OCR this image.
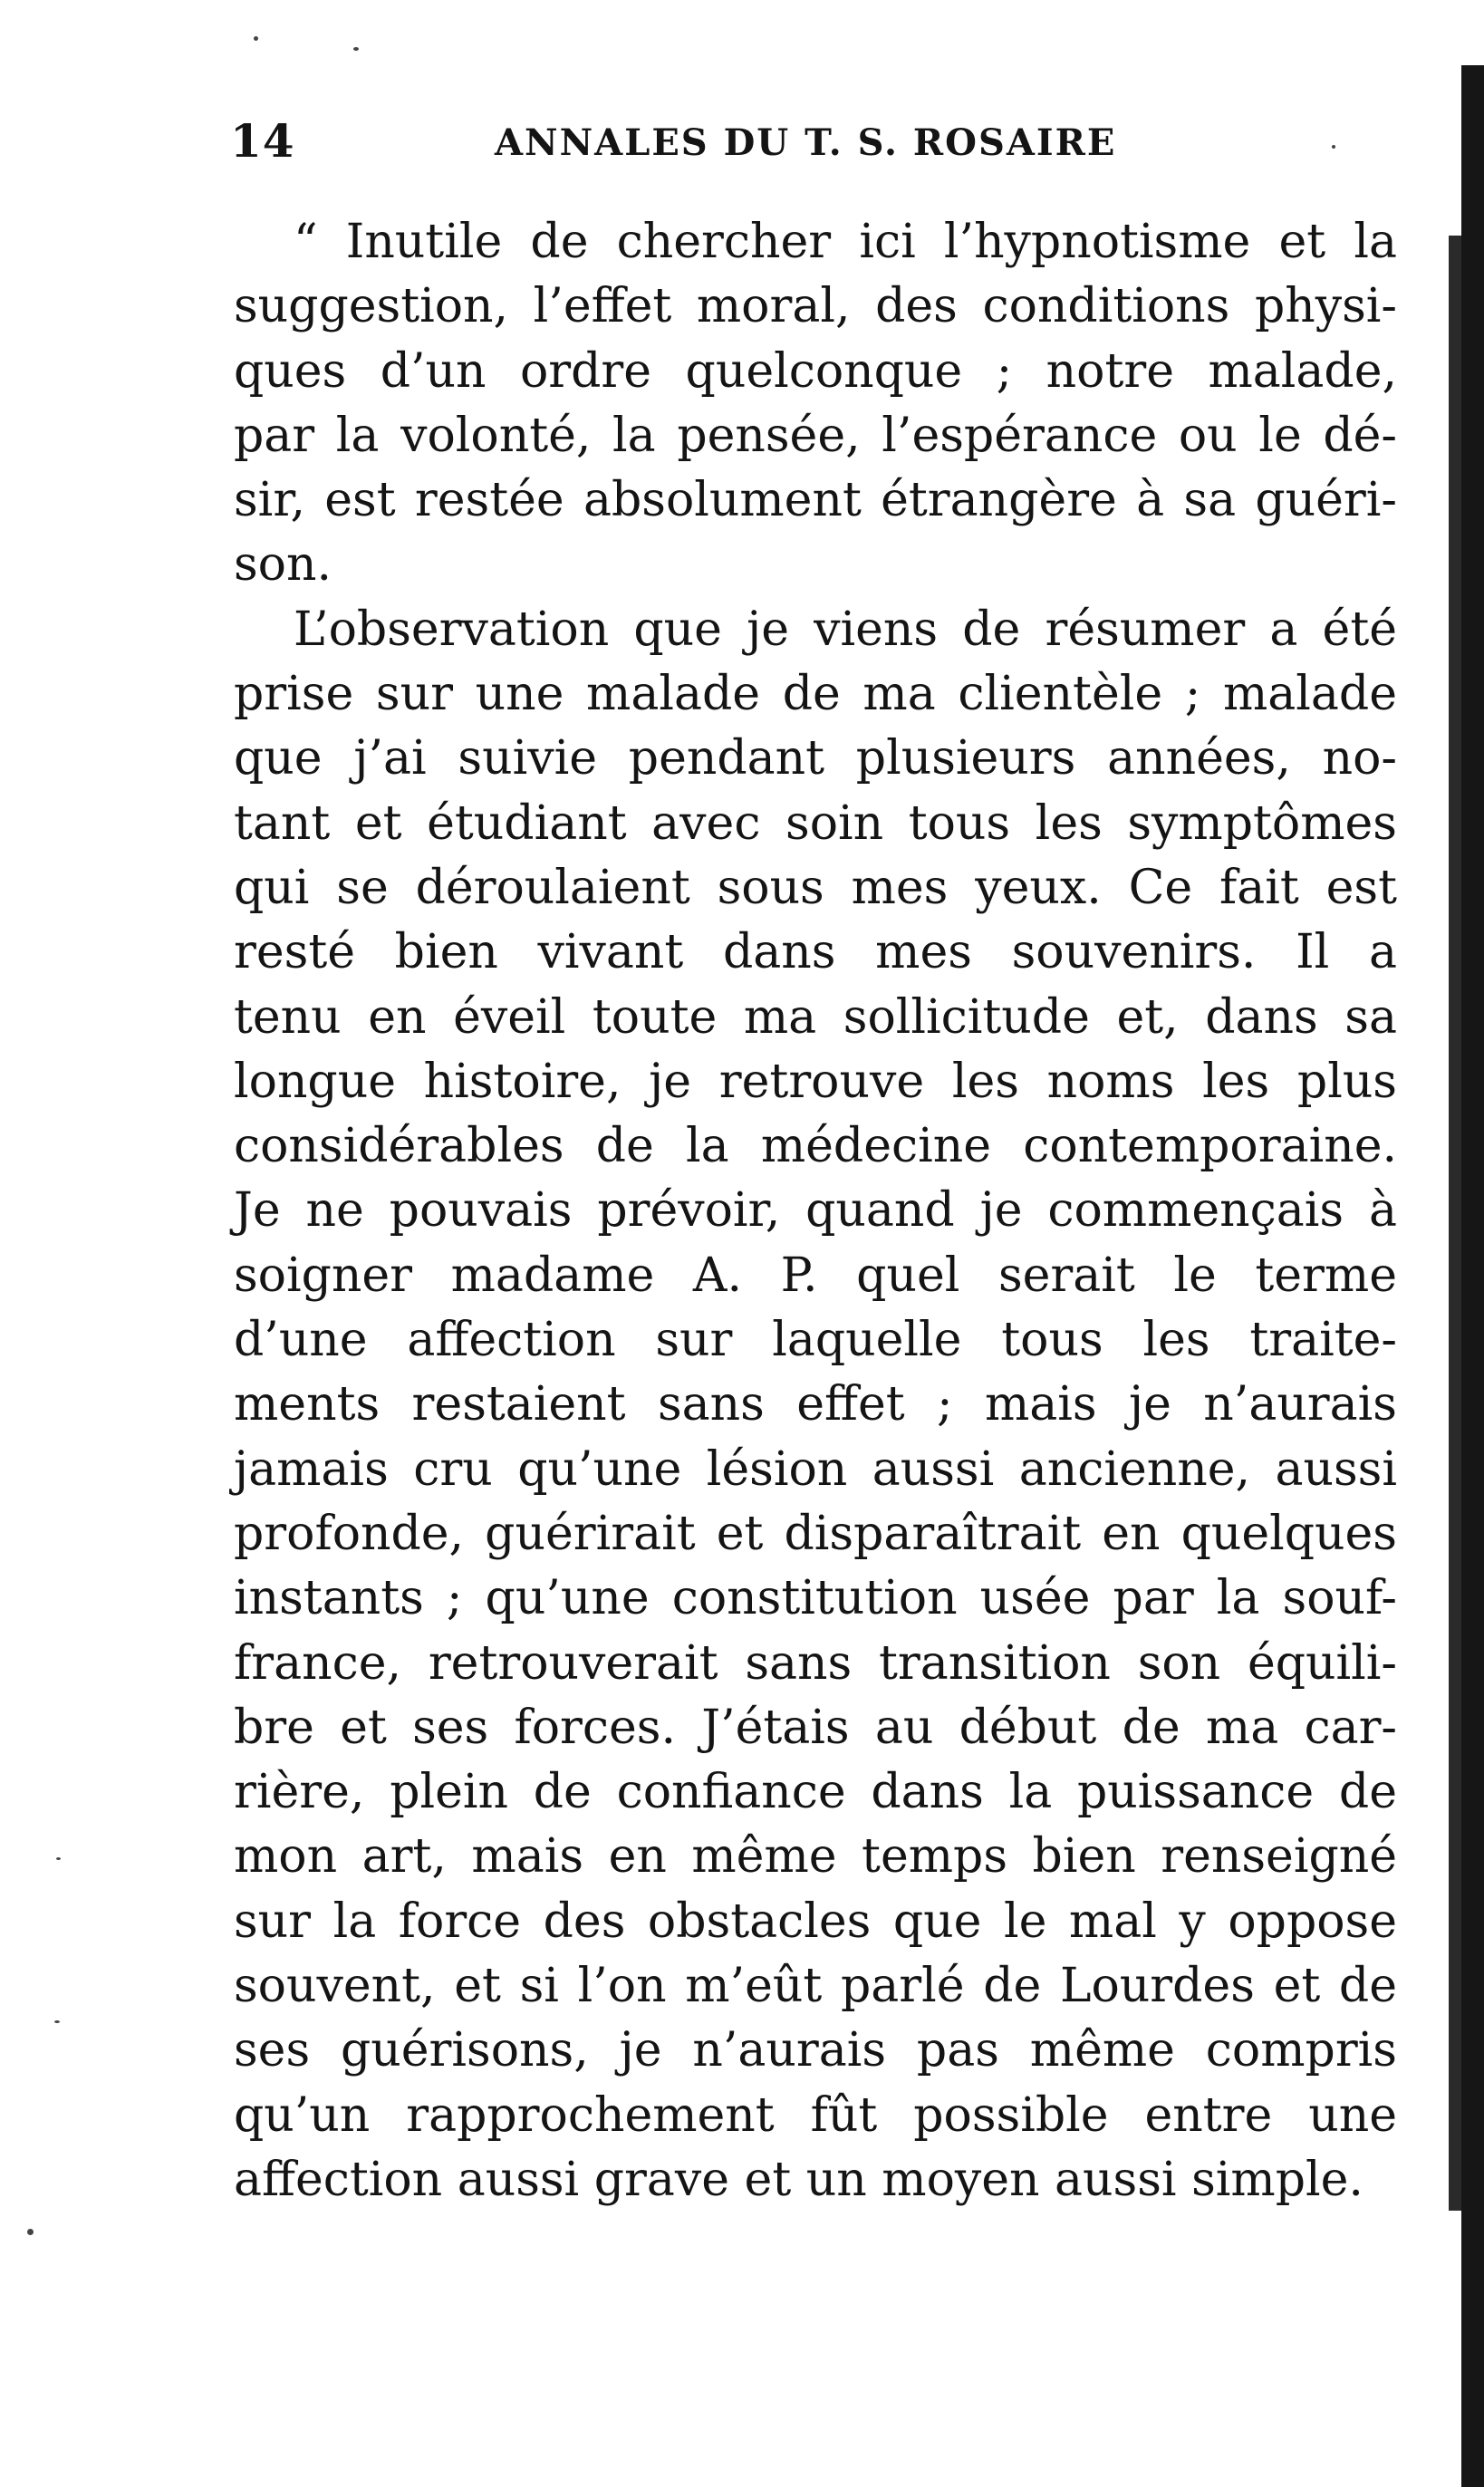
14	ANNALES DU T. S. ROSAIRE
“ Inutile de chercher ici l’hypnotisme et la
suggestion, l’effet moral, des conditions physi-
ques d’un ordre quelconque ; notre malade,
par la volonté, la pensée, l’espérance ou le dé-
sir, est restée absolument étrangère à sa guéri-
son.
L’observation que je viens de résumer a été
prise sur une malade de ma clientèle ; malade
que j’ai suivie pendant plusieurs années, no-
tant et étudiant avec soin tous les symptômes
qui se déroulaient sous mes yeux. Ce fait est
resté bien vivant dans mes souvenirs. Il a
tenu en éveil toute ma sollicitude et, dans sa
longue histoire, je retrouve les noms les plus
considérables de la médecine contemporaine.
Je ne pouvais prévoir, quand je commençais à
soigner madame A. P. quel serait le terme
d’une affection sur laquelle tous les traite-
ments restaient sans effet ; mais je n’aurais
jamais cru qu’une lésion aussi ancienne, aussi
profonde, guérirait et disparaîtrait en quelques
instants ; qu’une constitution usée par la souf-
france, retrouverait sans transition son équili-
bre et ses forces. J’étais au début de ma car-
rière, plein de confiance dans la puissance de
mon art, mais en même temps bien renseigné
sur la force des obstacles que le mal y oppose
souvent, et si l’on m’eût parlé de Lourdes et de
ses guérisons, je n’aurais pas même compris
qu’un rapprochement fût possible entre une
affection aussi grave et un moyen aussi simple.
